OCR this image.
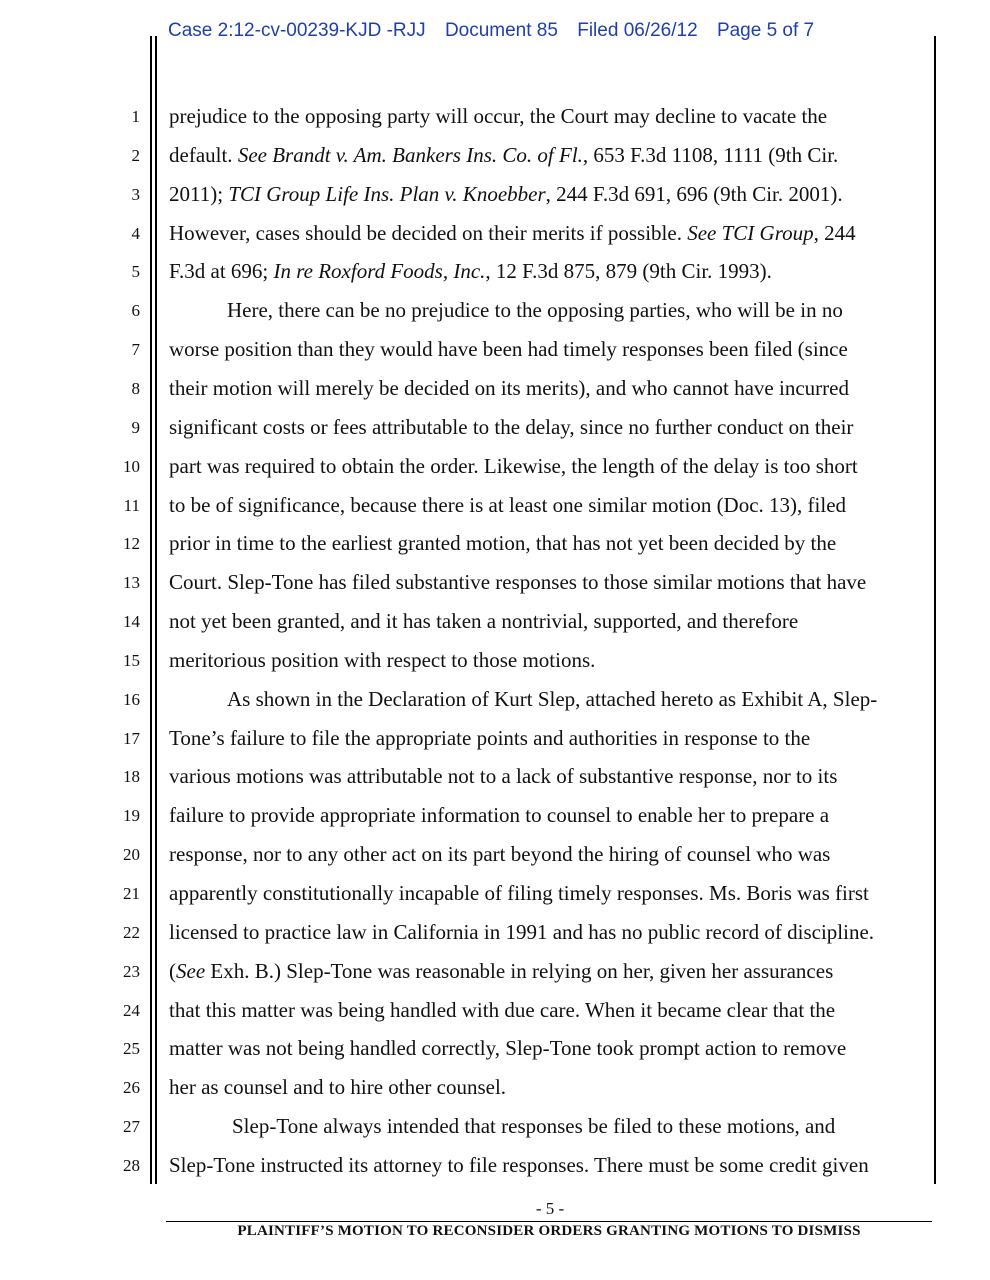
Case 2:12-cv-00239-KJD -RJJ Document 85 Filed 06/26/12 Page 5 of 7
1 prejudice to the opposing party will occur, the Court may decline to vacate the
2 default. See Brandt v. Am. Bankers Ins. Co. of Fl., 653 F.3d 1108, 1111 (9th Cir.
3 2011); TCI Group Life Ins. Plan v. Knoebber, 244 F.3d 691, 696 (9th Cir. 2001).
4 However, cases should be decided on their merits if possible. See TCI Group, 244
5 F.3d at 696; In re Roxford Foods, Inc., 12 F.3d 875, 879 (9th Cir. 1993).
6	Here, there can be no prejudice to the opposing parties, who will be in no
7 worse position than they would have been had timely responses been filed (since
8 their motion will merely be decided on its merits), and who cannot have incurred
9 significant costs or fees attributable to the delay, since no further conduct on their
10 part was required to obtain the order. Likewise, the length of the delay is too short
11 to be of significance, because there is at least one similar motion (Doc. 13), filed
12 prior in time to the earliest granted motion, that has not yet been decided by the
13 Court. Slep-Tone has filed substantive responses to those similar motions that have
14 not yet been granted, and it has taken a nontrivial, supported, and therefore
15 meritorious position with respect to those motions.
16	As shown in the Declaration of Kurt Slep, attached hereto as Exhibit A, Slep-
17 Tone’s failure to file the appropriate points and authorities in response to the
18 various motions was attributable not to a lack of substantive response, nor to its
19 failure to provide appropriate information to counsel to enable her to prepare a
20 response, nor to any other act on its part beyond the hiring of counsel who was
21 apparently constitutionally incapable of filing timely responses. Ms. Boris was first
22 licensed to practice law in California in 1991 and has no public record of discipline.
23 (See Exh. B.) Slep-Tone was reasonable in relying on her, given her assurances
24 that this matter was being handled with due care. When it became clear that the
25 matter was not being handled correctly, Slep-Tone took prompt action to remove
26 her as counsel and to hire other counsel.
27	Slep-Tone always intended that responses be filed to these motions, and
28 Slep-Tone instructed its attorney to file responses. There must be some credit given
- 5 -
PLAINTIFF’S MOTION TO RECONSIDER ORDERS GRANTING MOTIONS TO DISMISS
